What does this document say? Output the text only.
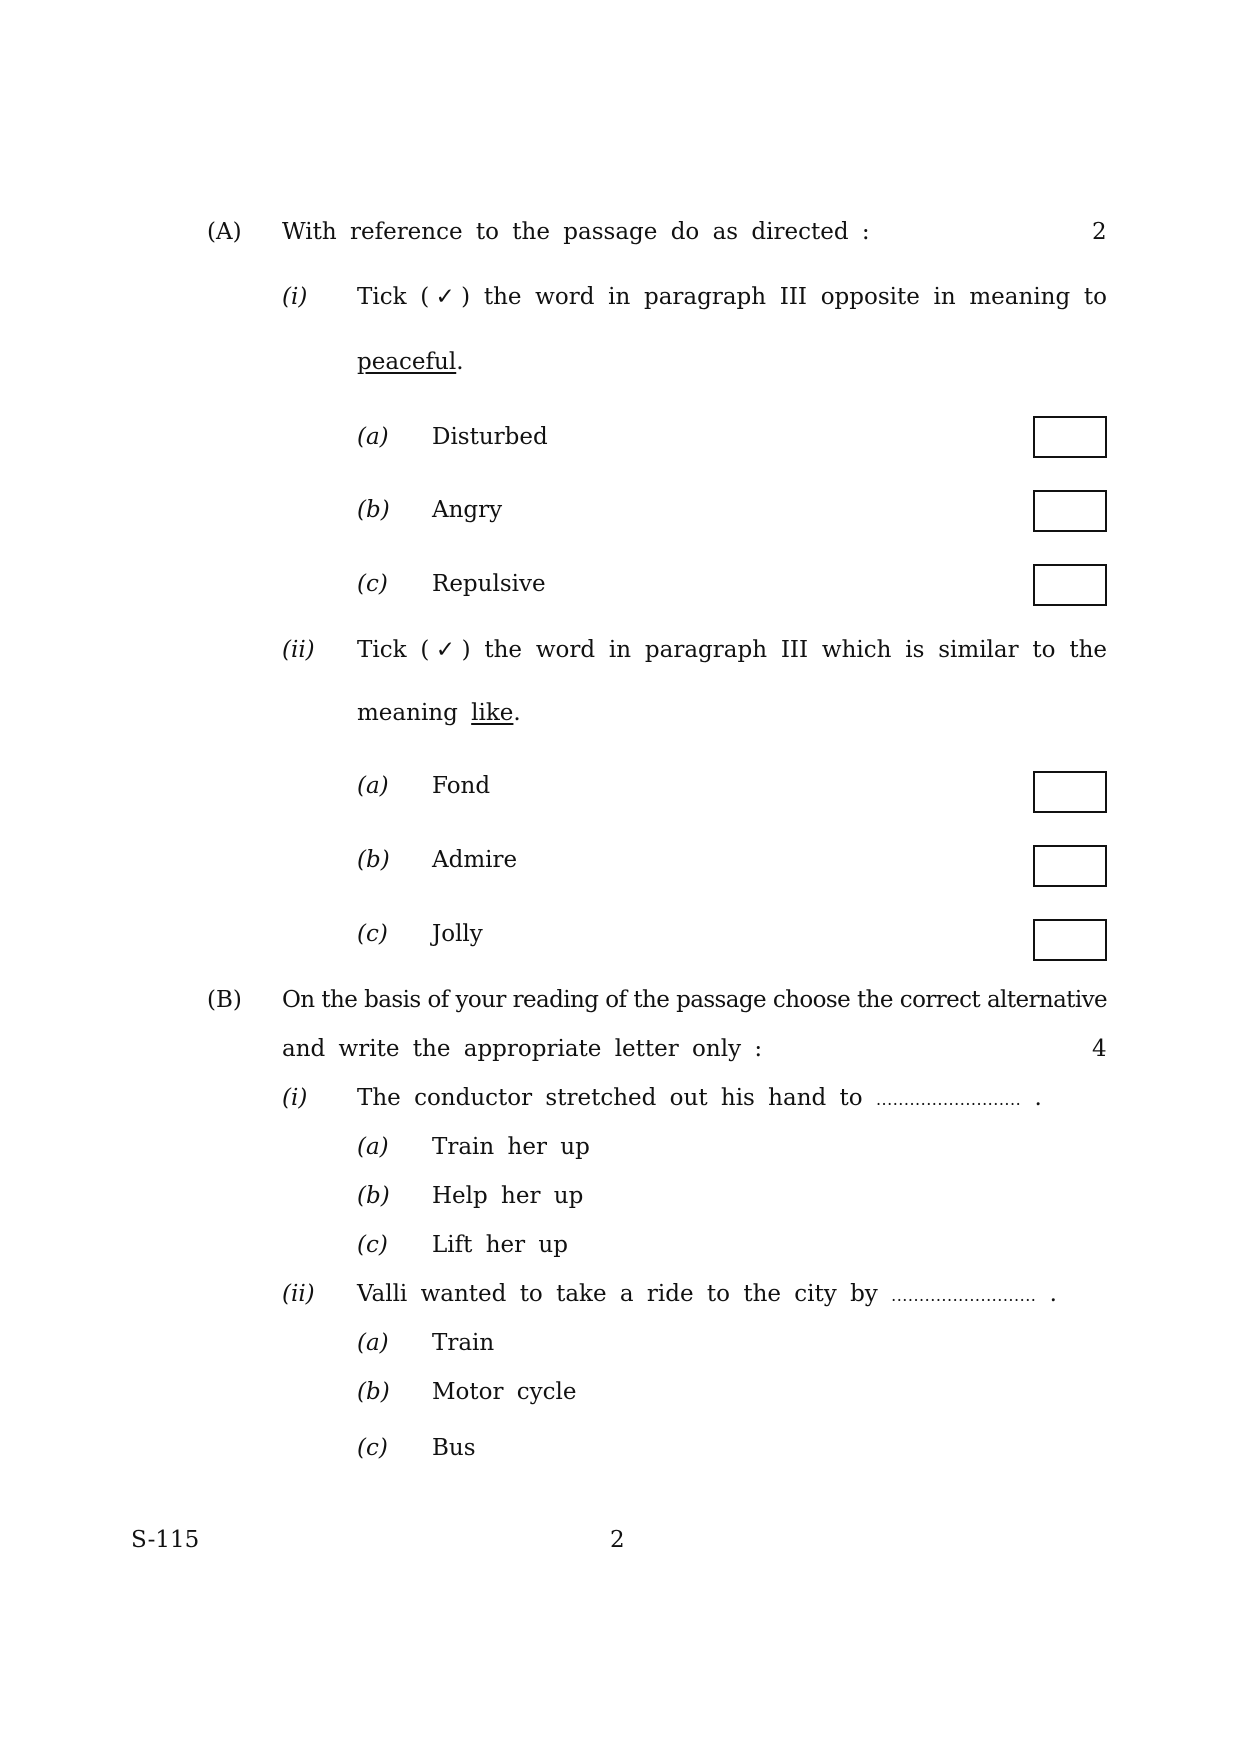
(A) With reference to the passage do as directed :	2
(i) Tick (✓) the word in paragraph III opposite in meaning to
peaceful.
(a) Disturbed
(b) Angry
(c) Repulsive
(ii) Tick (✓) the word in paragraph III which is similar to the
meaning like.
(a) Fond
(b) Admire
(c) Jolly
(B) On the basis of your reading of the passage choose the correct alternative
and write the appropriate letter only :	4
(i) The conductor stretched out his hand to .......................... .
(a) Train her up
(b) Help her up
(c) Lift her up
(ii) Valli wanted to take a ride to the city by .......................... .
(a) Train
(b) Motor cycle
(c) Bus
S-115	2
